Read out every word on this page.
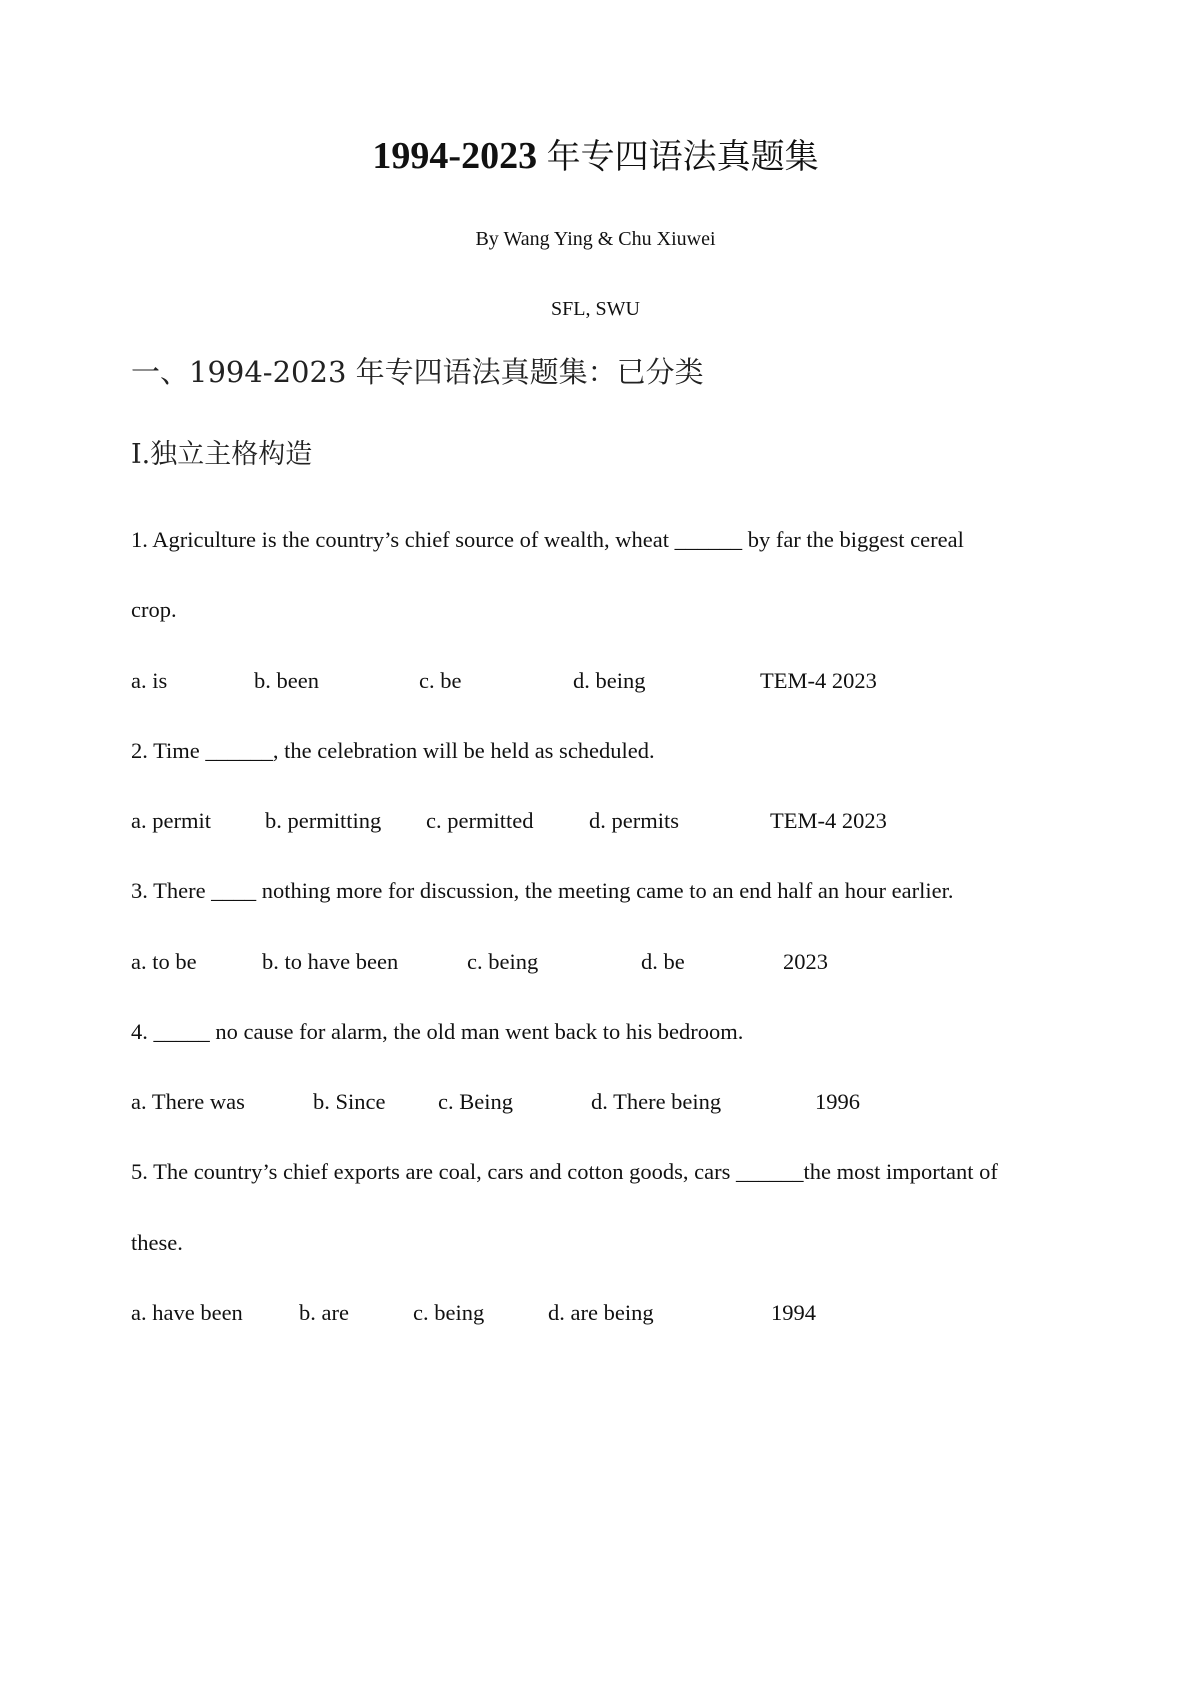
1994-2023 年专四语法真题集

By Wang Ying & Chu Xiuwei

SFL, SWU

一、1994-2023 年专四语法真题集：已分类
I.独立主格构造

1. Agriculture is the country’s chief source of wealth, wheat ______ by far the biggest cereal

crop.

a. is	b. been	c. be	d. being	TEM-4 2023

2. Time ______, the celebration will be held as scheduled.

a. permit b. permitting c. permitted d. permits	TEM-4 2023

3. There ____ nothing more for discussion, the meeting came to an end half an hour earlier.

a. to be	b. to have been	c. being	d. be	2023

4. _____ no cause for alarm, the old man went back to his bedroom.

a. There was	b. Since c. Being	d. There being	1996

5. The country’s chief exports are coal, cars and cotton goods, cars ______the most important of

these.

a. have been b. are	c. being	d. are being	1994
